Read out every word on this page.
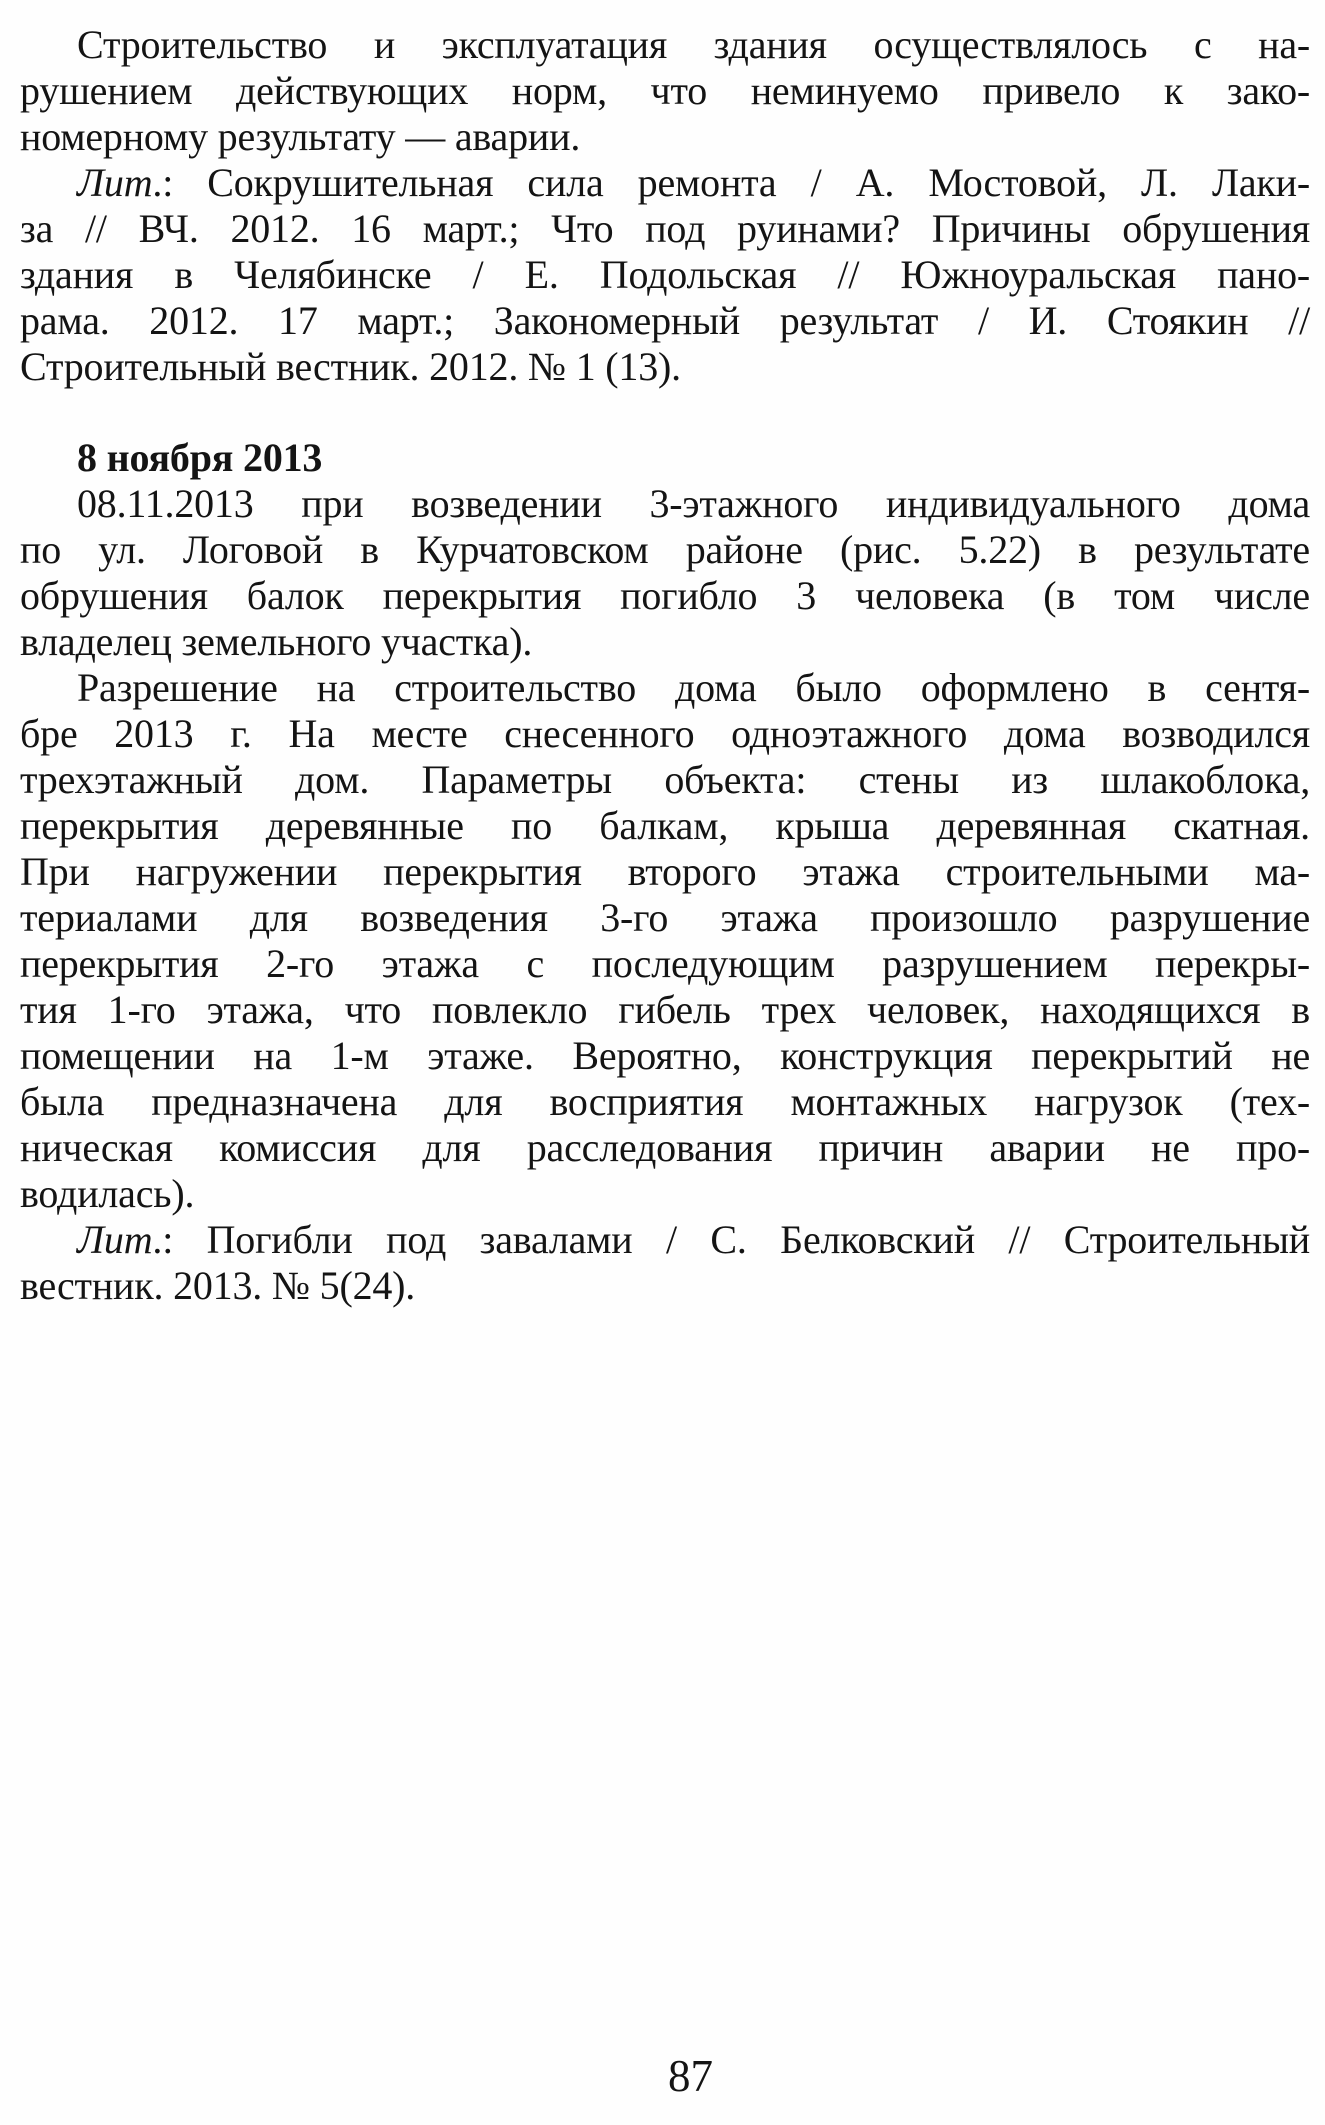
Строительство и эксплуатация здания осуществлялось с на-
рушением действующих норм, что неминуемо привело к зако-
номерному результату — аварии.
Лит.: Сокрушительная сила ремонта / А. Мостовой, Л. Лаки-
за // ВЧ. 2012. 16 март.; Что под руинами? Причины обрушения
здания в Челябинске / Е. Подольская // Южноуральская пано-
рама. 2012. 17 март.; Закономерный результат / И. Стоякин //
Строительный вестник. 2012. № 1 (13).
8 ноября 2013
08.11.2013 при возведении 3-этажного индивидуального дома
по ул. Логовой в Курчатовском районе (рис. 5.22) в результате
обрушения балок перекрытия погибло 3 человека (в том числе
владелец земельного участка).
Разрешение на строительство дома было оформлено в сентя-
бре 2013 г. На месте снесенного одноэтажного дома возводился
трехэтажный дом. Параметры объекта: стены из шлакоблока,
перекрытия деревянные по балкам, крыша деревянная скатная.
При нагружении перекрытия второго этажа строительными ма-
териалами для возведения 3-го этажа произошло разрушение
перекрытия 2-го этажа с последующим разрушением перекры-
тия 1-го этажа, что повлекло гибель трех человек, находящихся в
помещении на 1-м этаже. Вероятно, конструкция перекрытий не
была предназначена для восприятия монтажных нагрузок (тех-
ническая комиссия для расследования причин аварии не про-
водилась).
Лит.: Погибли под завалами / С. Белковский // Строительный
вестник. 2013. № 5(24).
87
